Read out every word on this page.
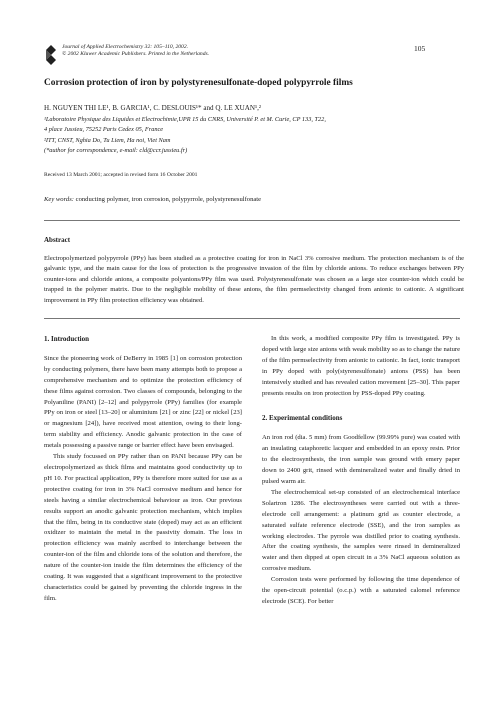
Journal of Applied Electrochemistry 32: 105–110, 2002.
© 2002 Kluwer Academic Publishers. Printed in the Netherlands.
105
Corrosion protection of iron by polystyrenesulfonate-doped polypyrrole films
H. NGUYEN THI LE¹, B. GARCIA¹, C. DESLOUIS¹* and Q. LE XUAN¹,²
¹Laboratoire Physique des Liquides et Electrochimie,UPR 15 du CNRS, Université P. et M. Curie, CP 133, T22,
4 place Jussieu, 75252 Paris Cedex 05, France
²ITT, CNST, Nghia Do, Tu Liem, Ha noi, Viet Nam
(*author for correspondence, e-mail: cld@ccr.jussieu.fr)
Received 13 March 2001; accepted in revised form 16 October 2001
Key words: conducting polymer, iron corrosion, polypyrrole, polystyrenesulfonate
Abstract

Electropolymerized polypyrrole (PPy) has been studied as a protective coating for iron in NaCl 3% corrosive medium. The protection mechanism is of the galvanic type, and the main cause for the loss of protection is the progressive invasion of the film by chloride anions. To reduce exchanges between PPy counter-ions and chloride anions, a composite polyanions/PPy film was used. Polystyrenesulfonate was chosen as a large size counter-ion which could be trapped in the polymer matrix. Due to the negligible mobility of these anions, the film permselectivity changed from anionic to cationic. A significant improvement in PPy film protection efficiency was obtained.

1. Introduction

Since the pioneering work of DeBerry in 1985 [1] on corrosion protection by conducting polymers, there have been many attempts both to propose a comprehensive mechanism and to optimize the protection efficiency of these films against corrosion. Two classes of compounds, belonging to the Polyaniline (PANI) [2–12] and polypyrrole (PPy) families (for example PPy on iron or steel [13–20] or aluminium [21] or zinc [22] or nickel [23] or magnesium [24]), have received most attention, owing to their long-term stability and efficiency. Anodic galvanic protection in the case of metals possessing a passive range or barrier effect have been envisaged.

This study focussed on PPy rather than on PANI because PPy can be electropolymerized as thick films and maintains good conductivity up to pH 10. For practical application, PPy is therefore more suited for use as a protective coating for iron in 3% NaCl corrosive medium and hence for steels having a similar electrochemical behaviour as iron. Our previous results support an anodic galvanic protection mechanism, which implies that the film, being in its conductive state (doped) may act as an efficient oxidizer to maintain the metal in the passivity domain. The loss in protection efficiency was mainly ascribed to interchange between the counter-ion of the film and chloride ions of the solution and therefore, the nature of the counter-ion inside the film determines the efficiency of the coating. It was suggested that a significant improvement to the protective characteristics could be gained by preventing the chloride ingress in the film.

In this work, a modified composite PPy film is investigated. PPy is doped with large size anions with weak mobility so as to change the nature of the film permselectivity from anionic to cationic. In fact, ionic transport in PPy doped with poly(styrenesulfonate) anions (PSS) has been intensively studied and has revealed cation movement [25–30]. This paper presents results on iron protection by PSS-doped PPy coating.

2. Experimental conditions

An iron rod (dia. 5 mm) from Goodfellow (99.99% pure) was coated with an insulating cataphoretic lacquer and embedded in an epoxy resin. Prior to the electrosynthesis, the iron sample was ground with emery paper down to 2400 grit, rinsed with demineralized water and finally dried in pulsed warm air.

The electrochemical set-up consisted of an electrochemical interface Solartron 1286. The electrosyntheses were carried out with a three-electrode cell arrangement: a platinum grid as counter electrode, a saturated sulfate reference electrode (SSE), and the iron samples as working electrodes. The pyrrole was distilled prior to coating synthesis. After the coating synthesis, the samples were rinsed in demineralized water and then dipped at open circuit in a 3% NaCl aqueous solution as corrosive medium.

Corrosion tests were performed by following the time dependence of the open-circuit potential (o.c.p.) with a saturated calomel reference electrode (SCE). For better
